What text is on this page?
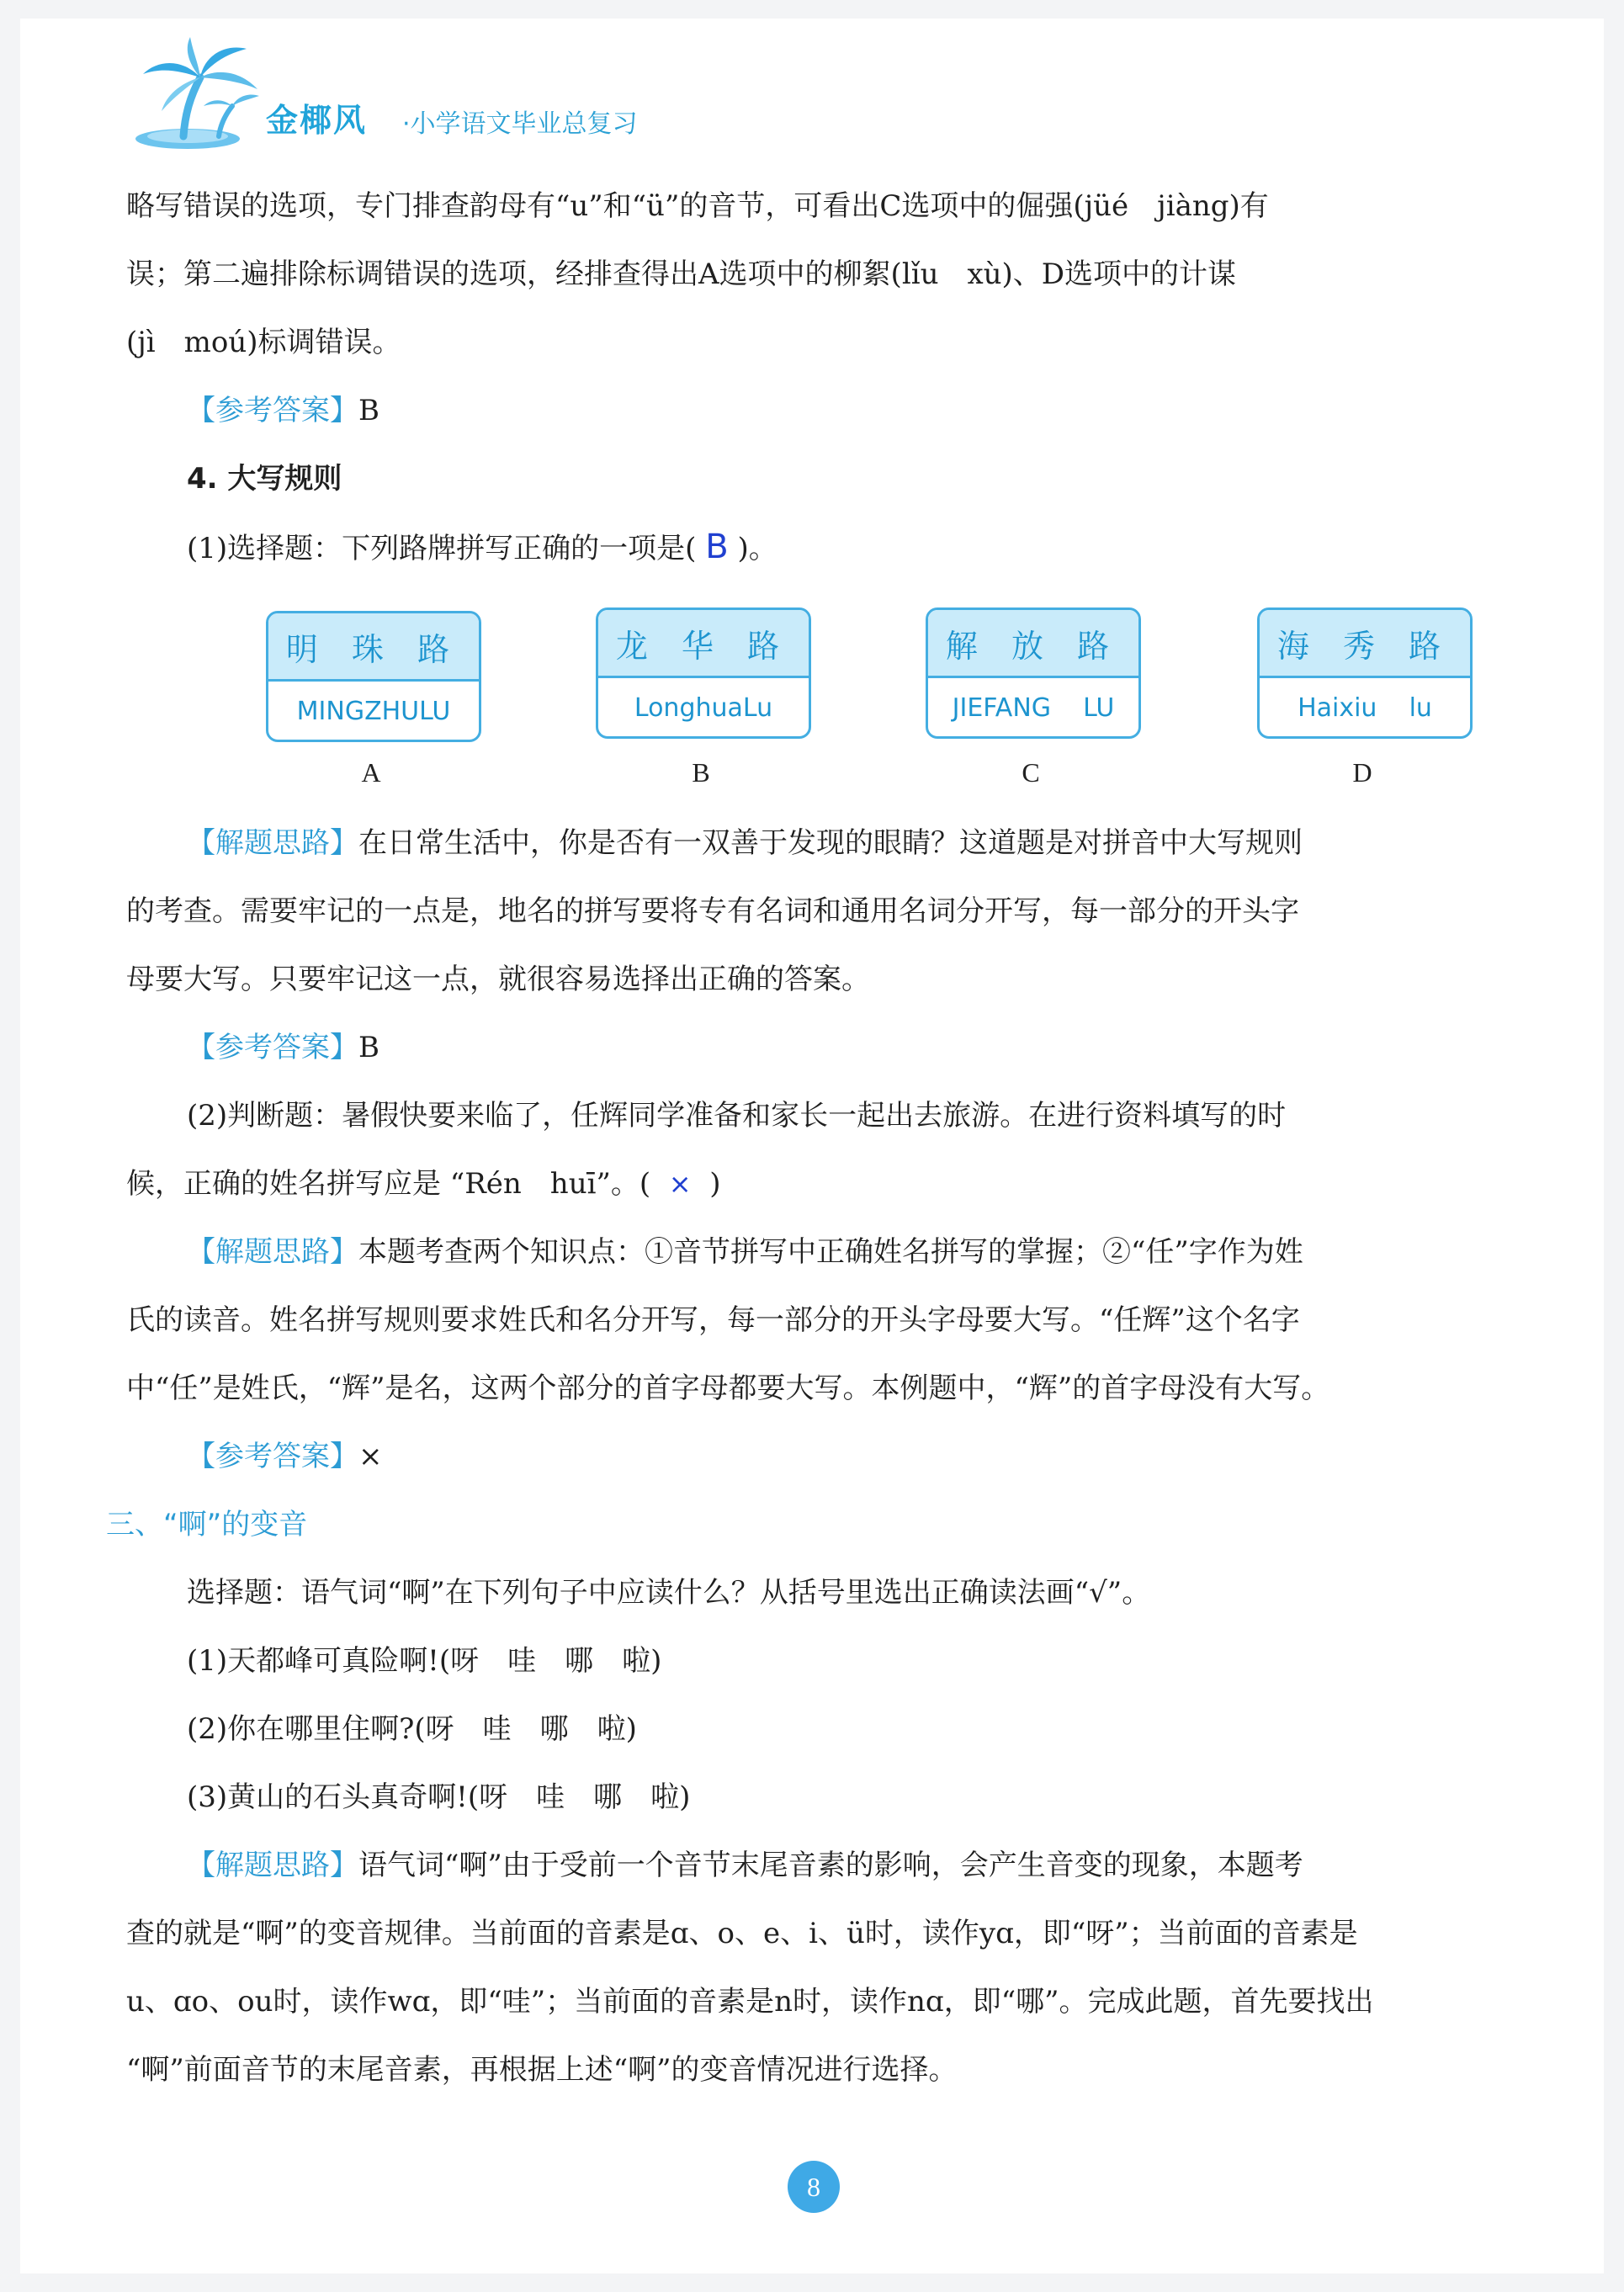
金椰风 ·小学语文毕业总复习

略写错误的选项，专门排查韵母有“u”和“ü”的音节，可看出C选项中的倔强(jüé　jiàng)有

误；第二遍排除标调错误的选项，经排查得出A选项中的柳絮(lǐu　xù)、D选项中的计谋

(jì　moú)标调错误。

【参考答案】B

4. 大写规则

(1)选择题：下列路牌拼写正确的一项是( B )。

明 珠 路
MINGZHULU
A
龙 华 路
LonghuaLu
B
解 放 路
JIEFANG    LU
C
海 秀 路
Haixiu    lu
D

【解题思路】在日常生活中，你是否有一双善于发现的眼睛？这道题是对拼音中大写规则

的考查。需要牢记的一点是，地名的拼写要将专有名词和通用名词分开写，每一部分的开头字

母要大写。只要牢记这一点，就很容易选择出正确的答案。

【参考答案】B

(2)判断题：暑假快要来临了，任辉同学准备和家长一起出去旅游。在进行资料填写的时

候，正确的姓名拼写应是 “Rén　huī”。( × )

【解题思路】本题考查两个知识点：①音节拼写中正确姓名拼写的掌握；②“任”字作为姓

氏的读音。姓名拼写规则要求姓氏和名分开写，每一部分的开头字母要大写。“任辉”这个名字

中“任”是姓氏，“辉”是名，这两个部分的首字母都要大写。本例题中，“辉”的首字母没有大写。

【参考答案】×

三、“啊”的变音

选择题：语气词“啊”在下列句子中应读什么？从括号里选出正确读法画“√”。

(1)天都峰可真险啊!(呀　哇　哪　啦)

(2)你在哪里住啊?(呀　哇　哪　啦)

(3)黄山的石头真奇啊!(呀　哇　哪　啦)

【解题思路】语气词“啊”由于受前一个音节末尾音素的影响，会产生音变的现象，本题考

查的就是“啊”的变音规律。当前面的音素是ɑ、o、e、i、ü时，读作yɑ，即“呀”；当前面的音素是

u、ɑo、ou时，读作wɑ，即“哇”；当前面的音素是n时，读作nɑ，即“哪”。完成此题，首先要找出

“啊”前面音节的末尾音素，再根据上述“啊”的变音情况进行选择。

8
